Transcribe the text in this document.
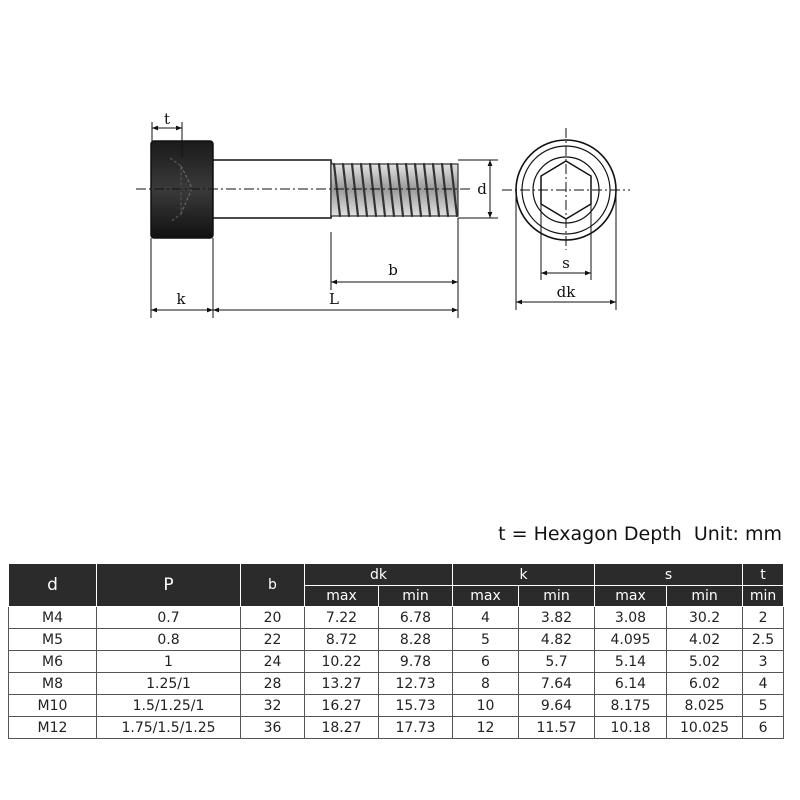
t
d
b
k	L
s
dk
t = Hexagon Depth  Unit: mm
d	P	b	dk		k		s		t
			max	min	max	min	max	min	min
M4	0.7	20	7.22	6.78	4	3.82	3.08	30.2	2
M5	0.8	22	8.72	8.28	5	4.82	4.095	4.02	2.5
M6	1	24	10.22	9.78	6	5.7	5.14	5.02	3
M8	1.25/1	28	13.27	12.73	8	7.64	6.14	6.02	4
M10	1.5/1.25/1	32	16.27	15.73	10	9.64	8.175	8.025	5
M12	1.75/1.5/1.25	36	18.27	17.73	12	11.57	10.18	10.025	6
